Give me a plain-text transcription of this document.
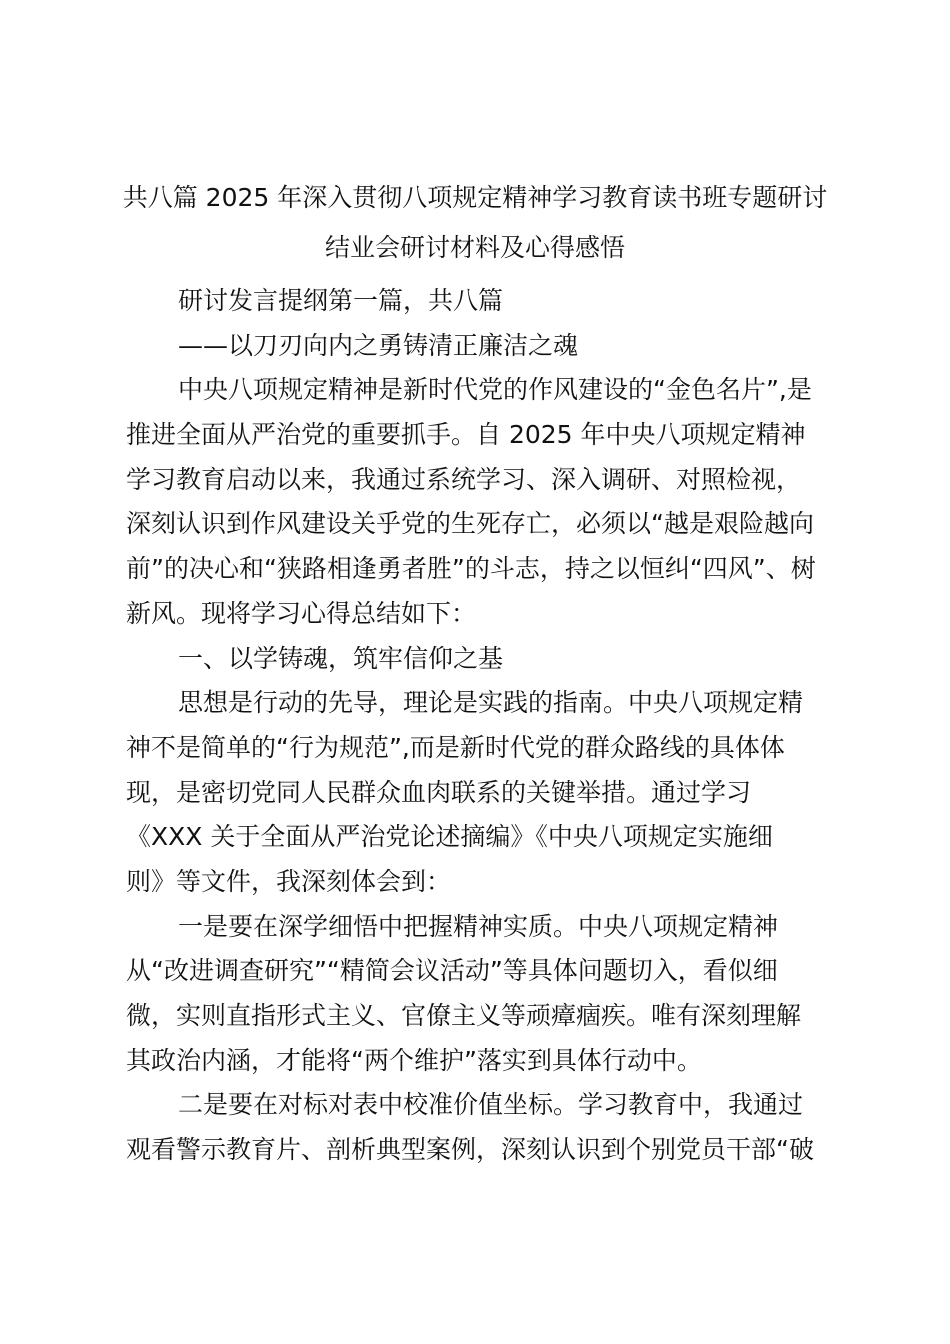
共八篇 2025 年深入贯彻八项规定精神学习教育读书班专题研讨
结业会研讨材料及心得感悟

研讨发言提纲第一篇，共八篇

——以刀刃向内之勇铸清正廉洁之魂

中央八项规定精神是新时代党的作风建设的“金色名片”,是

推进全面从严治党的重要抓手。自 2025 年中央八项规定精神

学习教育启动以来，我通过系统学习、深入调研、对照检视，

深刻认识到作风建设关乎党的生死存亡，必须以“越是艰险越向

前”的决心和“狭路相逢勇者胜”的斗志，持之以恒纠“四风”、树

新风。现将学习心得总结如下：

一、以学铸魂，筑牢信仰之基

思想是行动的先导，理论是实践的指南。中央八项规定精

神不是简单的“行为规范”,而是新时代党的群众路线的具体体

现，是密切党同人民群众血肉联系的关键举措。通过学习

《XXX 关于全面从严治党论述摘编》《中央八项规定实施细

则》等文件，我深刻体会到：

一是要在深学细悟中把握精神实质。中央八项规定精神

从“改进调查研究”“精简会议活动”等具体问题切入，看似细

微，实则直指形式主义、官僚主义等顽瘴痼疾。唯有深刻理解

其政治内涵，才能将“两个维护”落实到具体行动中。

二是要在对标对表中校准价值坐标。学习教育中，我通过

观看警示教育片、剖析典型案例，深刻认识到个别党员干部“破
